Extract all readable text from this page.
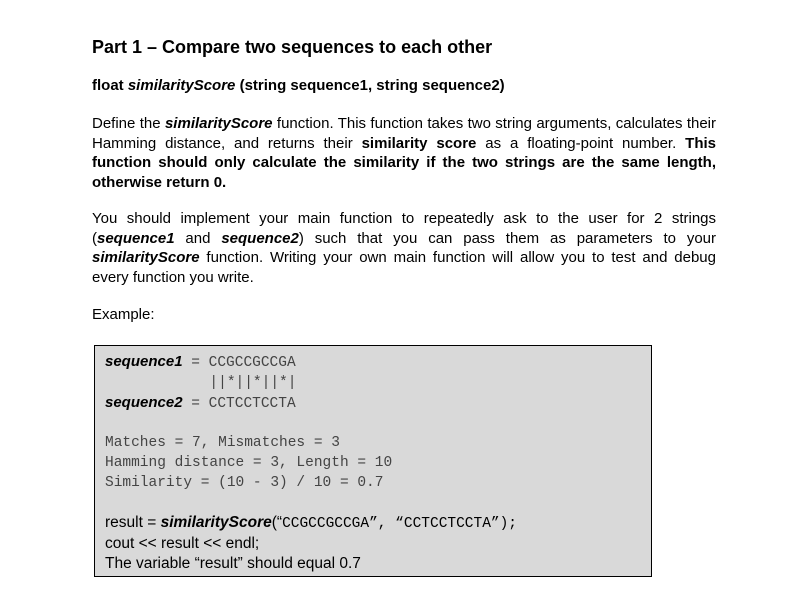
Part 1 – Compare two sequences to each other
float similarityScore (string sequence1, string sequence2)
Define the similarityScore function. This function takes two string arguments, calculates their Hamming distance, and returns their similarity score as a floating-point number. This function should only calculate the similarity if the two strings are the same length, otherwise return 0.
You should implement your main function to repeatedly ask to the user for 2 strings (sequence1 and sequence2) such that you can pass them as parameters to your similarityScore function. Writing your own main function will allow you to test and debug every function you write.
Example:
sequence1 = CCGCCGCCGA
||*||*||*|
sequence2 = CCTCCTCCTA
Matches = 7, Mismatches = 3
Hamming distance = 3, Length = 10
Similarity = (10 - 3) / 10 = 0.7
result = similarityScore(“CCGCCGCCGA”, “CCTCCTCCTA”);
cout << result << endl;
The variable “result” should equal 0.7
